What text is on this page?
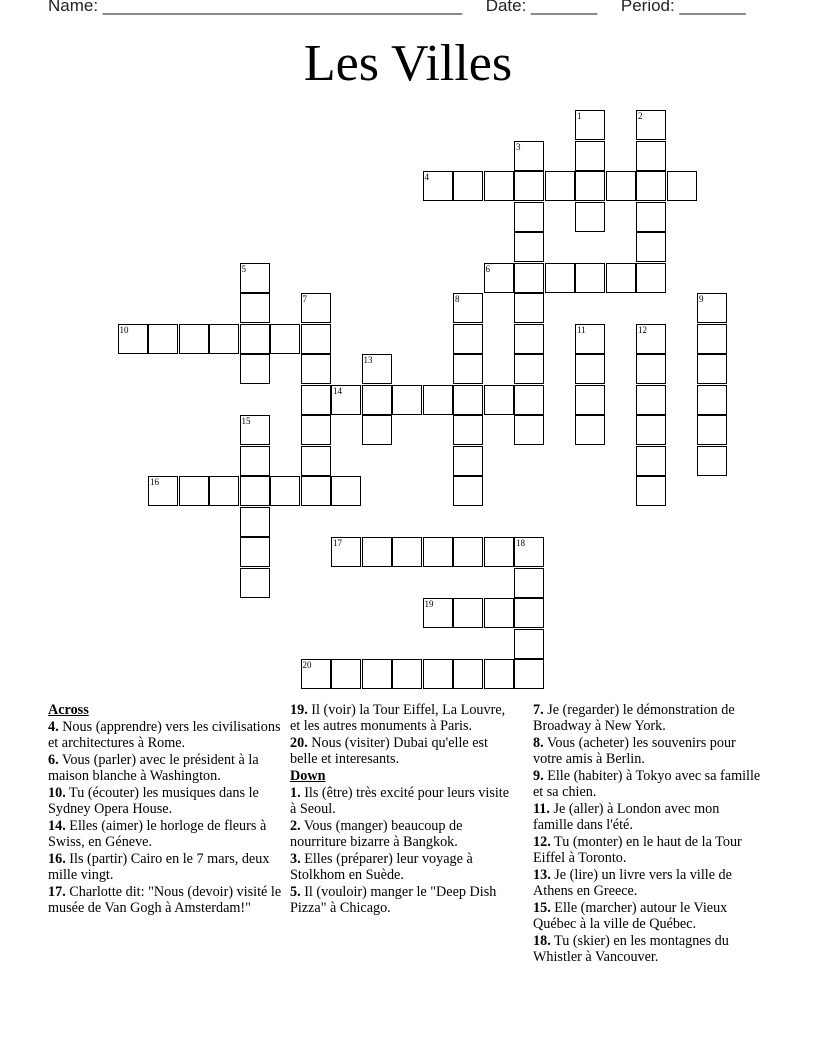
Name: ______________________________________ Date: _______ Period: _______
Les Villes
1	2
3
4
5	6
7	8	9
10	11	12
13
14
15
16
17	18
19
20
Across
4. Nous (apprendre) vers les civilisations et architectures à Rome.
6. Vous (parler) avec le président à la maison blanche à Washington.
10. Tu (écouter) les musiques dans le Sydney Opera House.
14. Elles (aimer) le horloge de fleurs à Swiss, en Géneve.
16. Ils (partir) Cairo en le 7 mars, deux mille vingt.
17. Charlotte dit: "Nous (devoir) visité le musée de Van Gogh à Amsterdam!"
19. Il (voir) la Tour Eiffel, La Louvre, et les autres monuments à Paris.
20. Nous (visiter) Dubai qu'elle est belle et interesants.
Down
1. Ils (être) très excité pour leurs visite à Seoul.
2. Vous (manger) beaucoup de nourriture bizarre à Bangkok.
3. Elles (préparer) leur voyage à Stolkhom en Suède.
5. Il (vouloir) manger le "Deep Dish Pizza" à Chicago.
7. Je (regarder) le démonstration de Broadway à New York.
8. Vous (acheter) les souvenirs pour votre amis à Berlin.
9. Elle (habiter) à Tokyo avec sa famille et sa chien.
11. Je (aller) à London avec mon famille dans l'été.
12. Tu (monter) en le haut de la Tour Eiffel à Toronto.
13. Je (lire) un livre vers la ville de Athens en Greece.
15. Elle (marcher) autour le Vieux Québec à la ville de Québec.
18. Tu (skier) en les montagnes du Whistler à Vancouver.
